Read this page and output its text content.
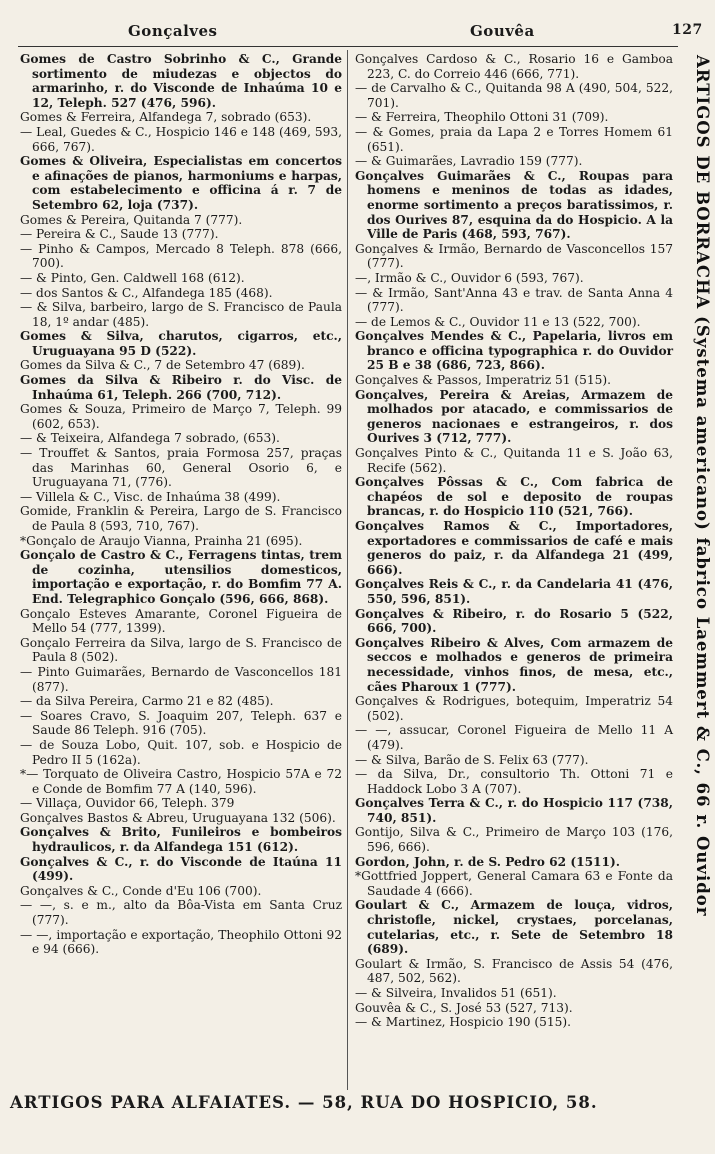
Gonçalves	Gouvêa	127

Gomes de Castro Sobrinho & C., Grande sortimento de miudezas e objectos do armarinho, r. do Visconde de Inhaúma 10 e 12, Teleph. 527 (476, 596).

Gomes & Ferreira, Alfandega 7, sobrado (653).

— Leal, Guedes & C., Hospicio 146 e 148 (469, 593, 666, 767).

Gomes & Oliveira, Especialistas em concertos e afinações de pianos, harmoniums e harpas, com estabelecimento e officina á r. 7 de Setembro 62, loja (737).

Gomes & Pereira, Quitanda 7 (777).

— Pereira & C., Saude 13 (777).

— Pinho & Campos, Mercado 8 Teleph. 878 (666, 700).

— & Pinto, Gen. Caldwell 168 (612).

— dos Santos & C., Alfandega 185 (468).

— & Silva, barbeiro, largo de S. Francisco de Paula 18, 1º andar (485).

Gomes & Silva, charutos, cigarros, etc., Uruguayana 95 D (522).

Gomes da Silva & C., 7 de Setembro 47 (689).

Gomes da Silva & Ribeiro r. do Visc. de Inhaúma 61, Teleph. 266 (700, 712).

Gomes & Souza, Primeiro de Março 7, Teleph. 99 (602, 653).

— & Teixeira, Alfandega 7 sobrado, (653).

— Trouffet & Santos, praia Formosa 257, praças das Marinhas 60, General Osorio 6, e Uruguayana 71, (776).

— Villela & C., Visc. de Inhaúma 38 (499).

Gomide, Franklin & Pereira, Largo de S. Francisco de Paula 8 (593, 710, 767).

*Gonçalo de Araujo Vianna, Prainha 21 (695).

Gonçalo de Castro & C., Ferragens tintas, trem de cozinha, utensilios domesticos, importação e exportação, r. do Bomfim 77 A. End. Telegraphico Gonçalo (596, 666, 868).

Gonçalo Esteves Amarante, Coronel Figueira de Mello 54 (777, 1399).

Gonçalo Ferreira da Silva, largo de S. Francisco de Paula 8 (502).

— Pinto Guimarães, Bernardo de Vasconcellos 181 (877).

— da Silva Pereira, Carmo 21 e 82 (485).

— Soares Cravo, S. Joaquim 207, Teleph. 637 e Saude 86 Teleph. 916 (705).

— de Souza Lobo, Quit. 107, sob. e Hospicio de Pedro II 5 (162a).

*— Torquato de Oliveira Castro, Hospicio 57A e 72 e Conde de Bomfim 77 A (140, 596).

— Villaça, Ouvidor 66, Teleph. 379

Gonçalves Bastos & Abreu, Uruguayana 132 (506).

Gonçalves & Brito, Funileiros e bombeiros hydraulicos, r. da Alfandega 151 (612).

Gonçalves & C., r. do Visconde de Itaúna 11 (499).

Gonçalves & C., Conde d'Eu 106 (700).

— —, s. e m., alto da Bôa-Vista em Santa Cruz (777).

— —, importação e exportação, Theophilo Ottoni 92 e 94 (666).

Gonçalves Cardoso & C., Rosario 16 e Gamboa 223, C. do Correio 446 (666, 771).

— de Carvalho & C., Quitanda 98 A (490, 504, 522, 701).

— & Ferreira, Theophilo Ottoni 31 (709).

— & Gomes, praia da Lapa 2 e Torres Homem 61 (651).

— & Guimarães, Lavradio 159 (777).

Gonçalves Guimarães & C., Roupas para homens e meninos de todas as idades, enorme sortimento a preços baratissimos, r. dos Ourives 87, esquina da do Hospicio. A la Ville de Paris (468, 593, 767).

Gonçalves & Irmão, Bernardo de Vasconcellos 157 (777).

—, Irmão & C., Ouvidor 6 (593, 767).

— & Irmão, Sant'Anna 43 e trav. de Santa Anna 4 (777).

— de Lemos & C., Ouvidor 11 e 13 (522, 700).

Gonçalves Mendes & C., Papelaria, livros em branco e officina typographica r. do Ouvidor 25 B e 38 (686, 723, 866).

Gonçalves & Passos, Imperatriz 51 (515).

Gonçalves, Pereira & Areias, Armazem de molhados por atacado, e commissarios de generos nacionaes e estrangeiros, r. dos Ourives 3 (712, 777).

Gonçalves Pinto & C., Quitanda 11 e S. João 63, Recife (562).

Gonçalves Pôssas & C., Com fabrica de chapéos de sol e deposito de roupas brancas, r. do Hospicio 110 (521, 766).

Gonçalves Ramos & C., Importadores, exportadores e commissarios de café e mais generos do paiz, r. da Alfandega 21 (499, 666).

Gonçalves Reis & C., r. da Candelaria 41 (476, 550, 596, 851).

Gonçalves & Ribeiro, r. do Rosario 5 (522, 666, 700).

Gonçalves Ribeiro & Alves, Com armazem de seccos e molhados e generos de primeira necessidade, vinhos finos, de mesa, etc., cães Pharoux 1 (777).

Gonçalves & Rodrigues, botequim, Imperatriz 54 (502).

— —, assucar, Coronel Figueira de Mello 11 A (479).

— & Silva, Barão de S. Felix 63 (777).

— da Silva, Dr., consultorio Th. Ottoni 71 e Haddock Lobo 3 A (707).

Gonçalves Terra & C., r. do Hospicio 117 (738, 740, 851).

Gontijo, Silva & C., Primeiro de Março 103 (176, 596, 666).

Gordon, John, r. de S. Pedro 62 (1511).

*Gottfried Joppert, General Camara 63 e Fonte da Saudade 4 (666).

Goulart & C., Armazem de louça, vidros, christofle, nickel, crystaes, porcelanas, cutelarias, etc., r. Sete de Setembro 18 (689).

Goulart & Irmão, S. Francisco de Assis 54 (476, 487, 502, 562).

— & Silveira, Invalidos 51 (651).

Gouvêa & C., S. José 53 (527, 713).

— & Martinez, Hospicio 190 (515).

ARTIGOS DE BORRACHA (Systema americano) fabrico Laemmert & C., 66 r. Ouvidor
ARTIGOS PARA ALFAIATES. — 58, RUA DO HOSPICIO, 58.
